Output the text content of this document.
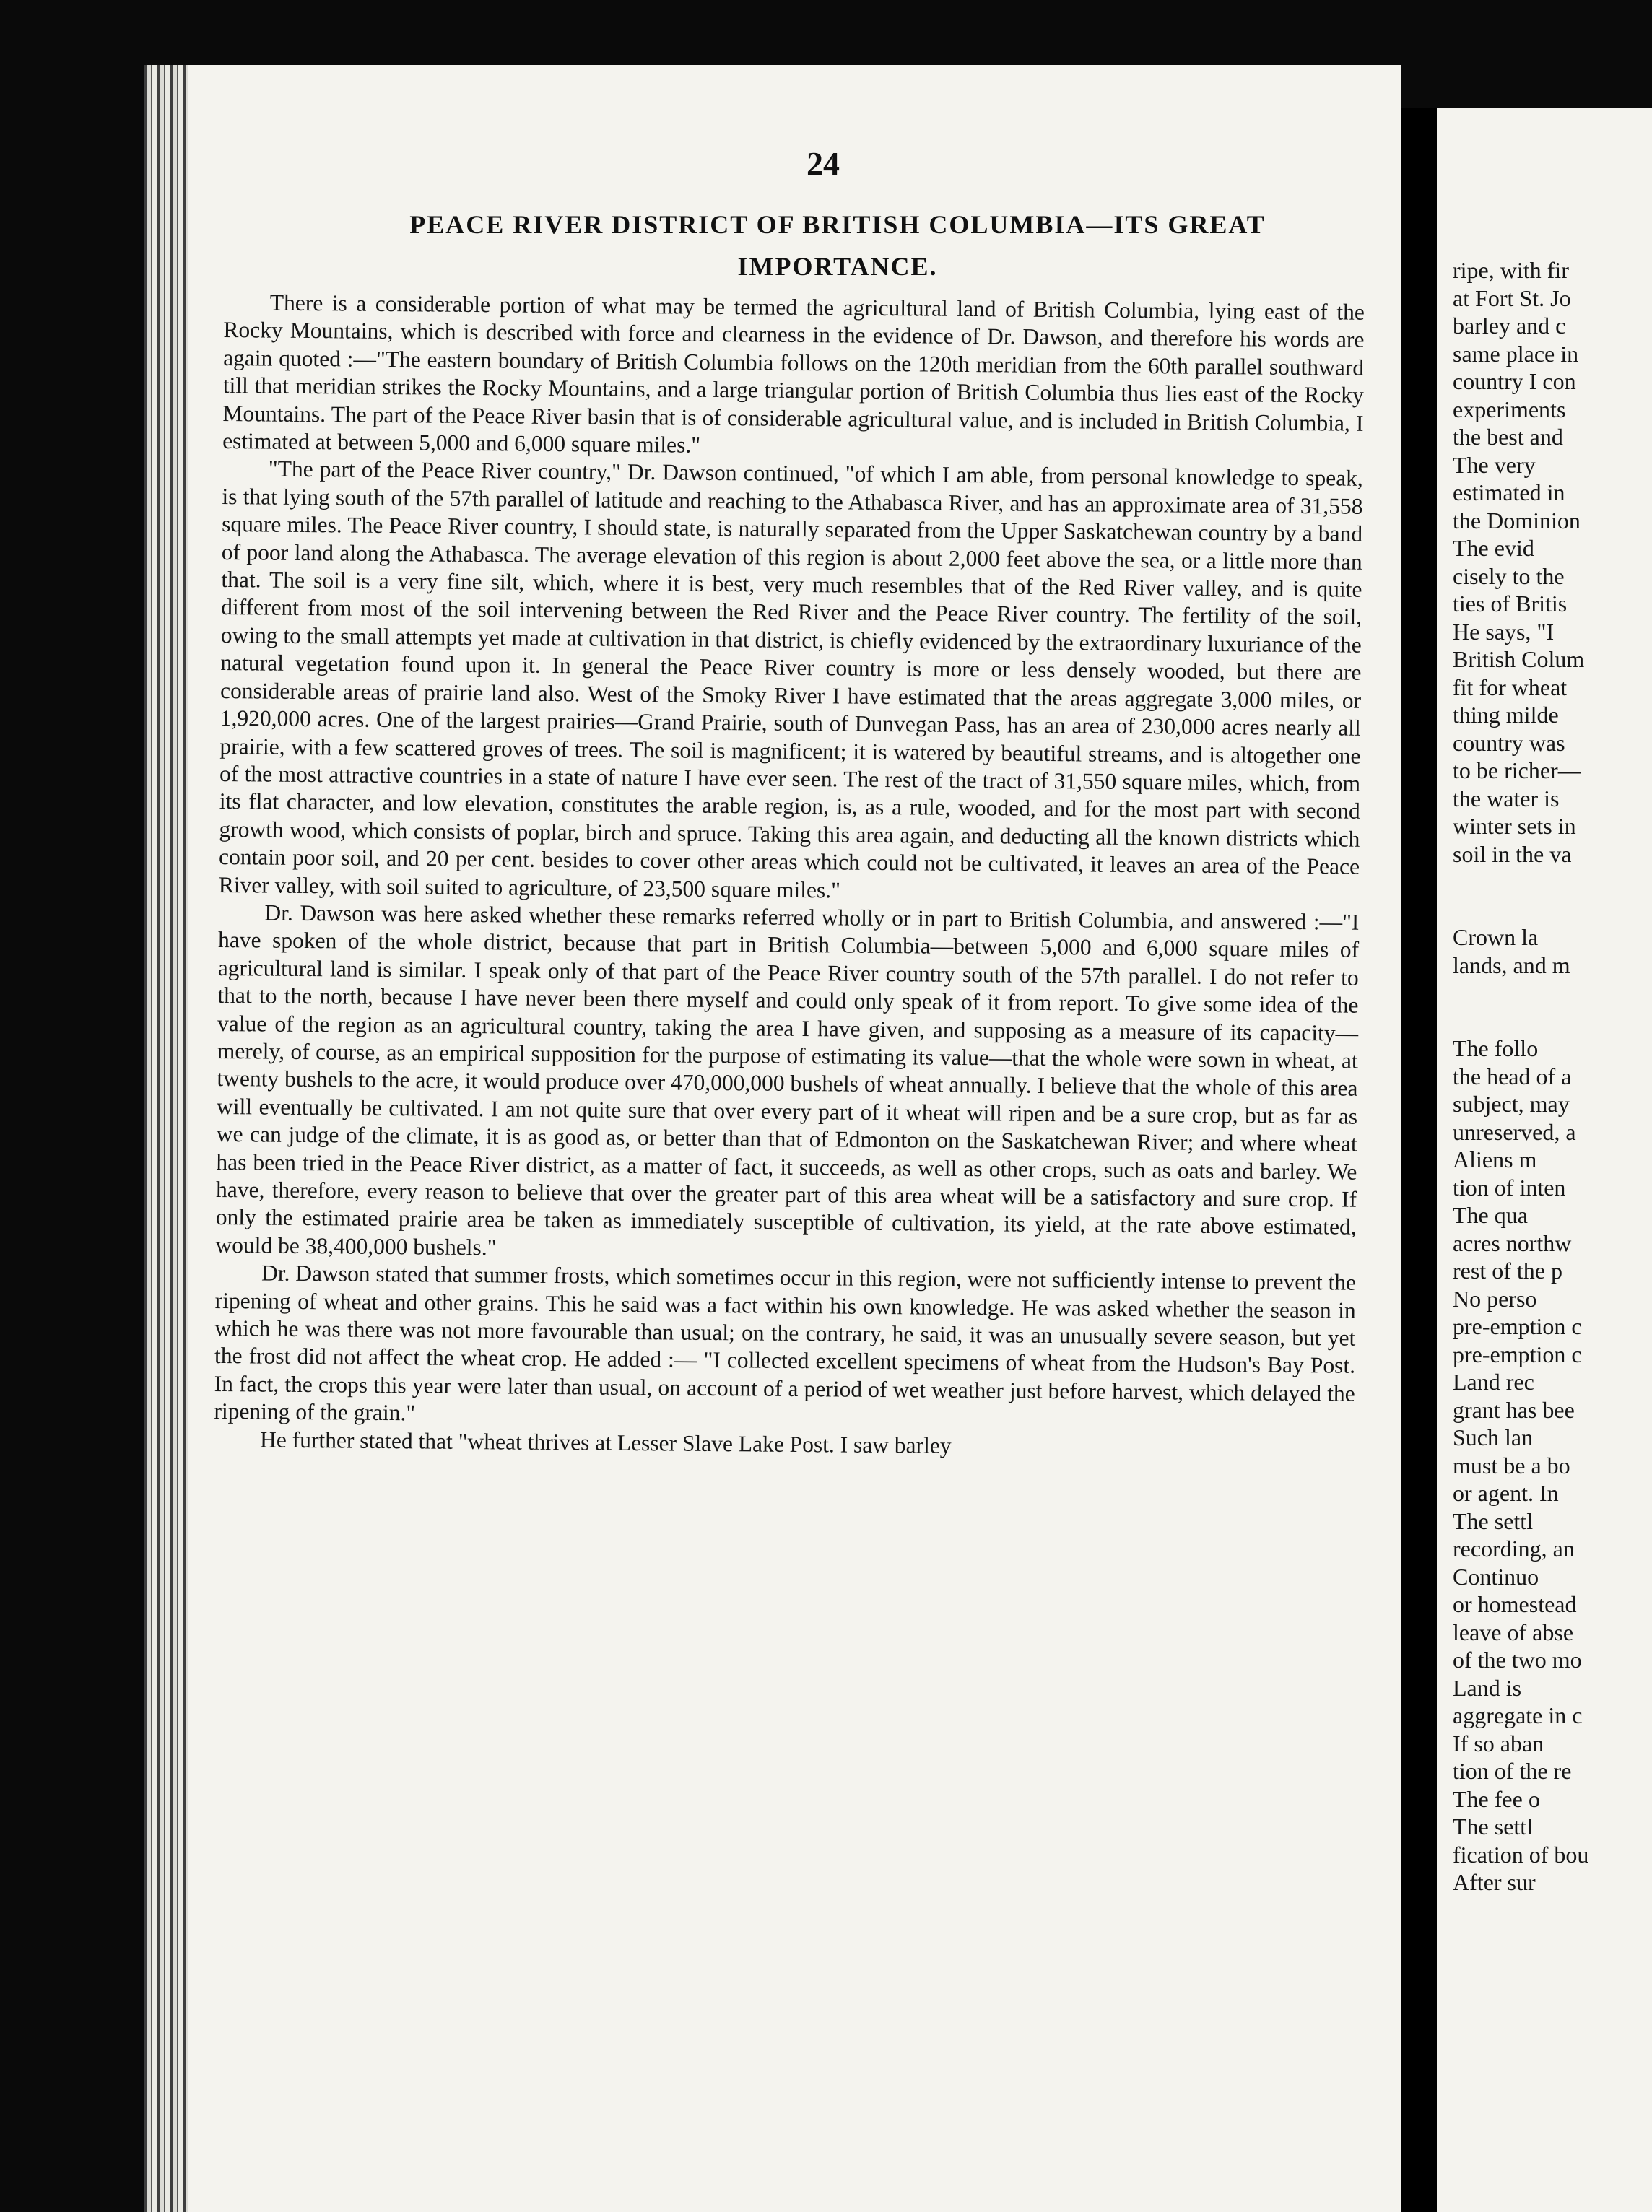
24
PEACE RIVER DISTRICT OF BRITISH COLUMBIA—ITS GREAT IMPORTANCE.

There is a considerable portion of what may be termed the agricultural land of British Columbia, lying east of the Rocky Mountains, which is described with force and clearness in the evidence of Dr. Dawson, and therefore his words are again quoted :—"The eastern boundary of British Columbia follows on the 120th meridian from the 60th parallel southward till that meridian strikes the Rocky Mountains, and a large triangular portion of British Columbia thus lies east of the Rocky Mountains. The part of the Peace River basin that is of considerable agricultural value, and is included in British Columbia, I estimated at between 5,000 and 6,000 square miles."

"The part of the Peace River country," Dr. Dawson continued, "of which I am able, from personal knowledge to speak, is that lying south of the 57th parallel of latitude and reaching to the Athabasca River, and has an approximate area of 31,558 square miles. The Peace River country, I should state, is naturally separated from the Upper Saskatchewan country by a band of poor land along the Athabasca. The average elevation of this region is about 2,000 feet above the sea, or a little more than that. The soil is a very fine silt, which, where it is best, very much resembles that of the Red River valley, and is quite different from most of the soil intervening between the Red River and the Peace River country. The fertility of the soil, owing to the small attempts yet made at cultivation in that district, is chiefly evidenced by the extraordinary luxuriance of the natural vegetation found upon it. In general the Peace River country is more or less densely wooded, but there are considerable areas of prairie land also. West of the Smoky River I have estimated that the areas aggregate 3,000 miles, or 1,920,000 acres. One of the largest prairies—Grand Prairie, south of Dunvegan Pass, has an area of 230,000 acres nearly all prairie, with a few scattered groves of trees. The soil is magnificent; it is watered by beautiful streams, and is altogether one of the most attractive countries in a state of nature I have ever seen. The rest of the tract of 31,550 square miles, which, from its flat character, and low elevation, constitutes the arable region, is, as a rule, wooded, and for the most part with second growth wood, which consists of poplar, birch and spruce. Taking this area again, and deducting all the known districts which contain poor soil, and 20 per cent. besides to cover other areas which could not be cultivated, it leaves an area of the Peace River valley, with soil suited to agriculture, of 23,500 square miles."

Dr. Dawson was here asked whether these remarks referred wholly or in part to British Columbia, and answered :—"I have spoken of the whole district, because that part in British Columbia—between 5,000 and 6,000 square miles of agricultural land is similar. I speak only of that part of the Peace River country south of the 57th parallel. I do not refer to that to the north, because I have never been there myself and could only speak of it from report. To give some idea of the value of the region as an agricultural country, taking the area I have given, and supposing as a measure of its capacity—merely, of course, as an empirical supposition for the purpose of estimating its value—that the whole were sown in wheat, at twenty bushels to the acre, it would produce over 470,000,000 bushels of wheat annually. I believe that the whole of this area will eventually be cultivated. I am not quite sure that over every part of it wheat will ripen and be a sure crop, but as far as we can judge of the climate, it is as good as, or better than that of Edmonton on the Saskatchewan River; and where wheat has been tried in the Peace River district, as a matter of fact, it succeeds, as well as other crops, such as oats and barley. We have, therefore, every reason to believe that over the greater part of this area wheat will be a satisfactory and sure crop. If only the estimated prairie area be taken as immediately susceptible of cultivation, its yield, at the rate above estimated, would be 38,400,000 bushels."

Dr. Dawson stated that summer frosts, which sometimes occur in this region, were not sufficiently intense to prevent the ripening of wheat and other grains. This he said was a fact within his own knowledge. He was asked whether the season in which he was there was not more favourable than usual; on the contrary, he said, it was an unusually severe season, but yet the frost did not affect the wheat crop. He added :— "I collected excellent specimens of wheat from the Hudson's Bay Post. In fact, the crops this year were later than usual, on account of a period of wet weather just before harvest, which delayed the ripening of the grain."

He further stated that "wheat thrives at Lesser Slave Lake Post. I saw barley

ripe, with fir
at Fort St. Jo
barley and c
same place in
country I con
experiments
the best and
The very
estimated in
the Dominion
The evid
cisely to the
ties of Britis
He says, "I
British Colum
fit for wheat
thing milde
country was
to be richer—
the water is
winter sets in
soil in the va
Crown la
lands, and m
The follo
the head of a
subject, may
unreserved, a
Aliens m
tion of inten
The qua
acres northw
rest of the p
No perso
pre-emption c
pre-emption c
Land rec
grant has bee
Such lan
must be a bo
or agent. In
The settl
recording, an
Continuo
or homestead
leave of abse
of the two mo
Land is
aggregate in c
If so aban
tion of the re
The fee o
The settl
fication of bou
After sur
